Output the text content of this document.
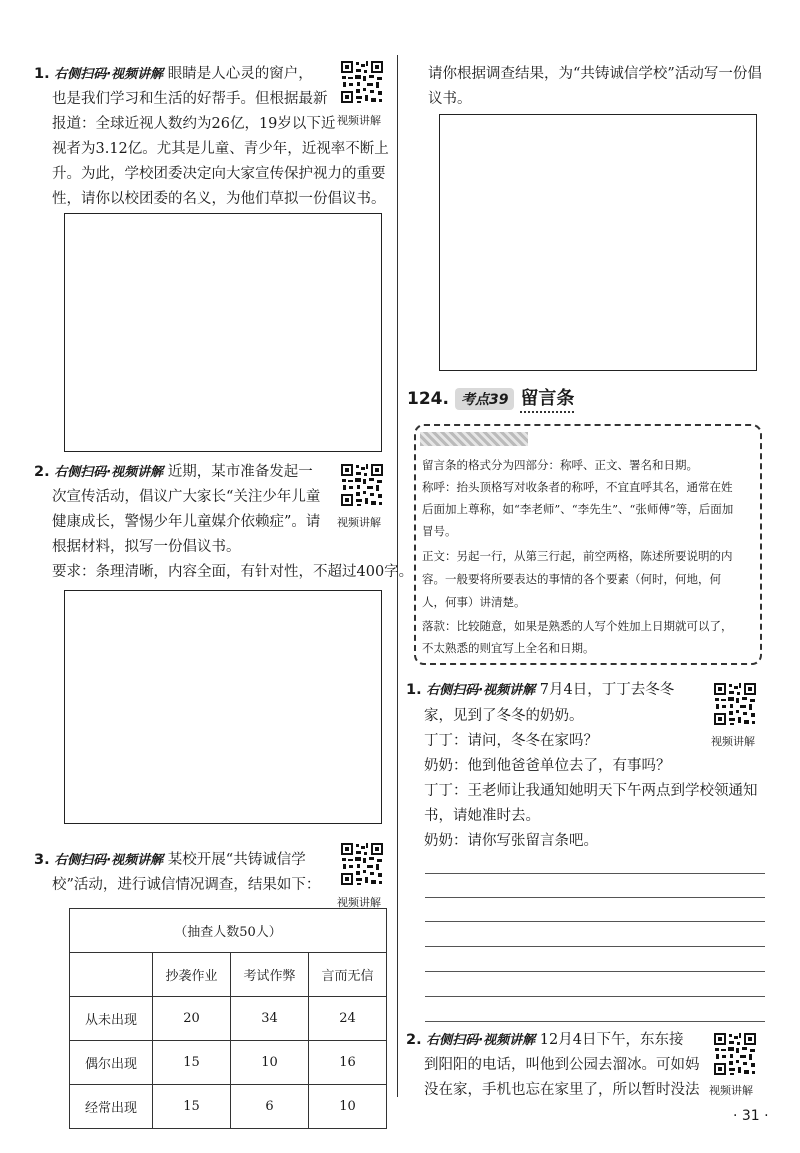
1. 右侧扫码·视频讲解 眼睛是人心灵的窗户，
也是我们学习和生活的好帮手。但根据最新
报道：全球近视人数约为26亿，19岁以下近
视者为3.12亿。尤其是儿童、青少年，近视率不断上
升。为此，学校团委决定向大家宣传保护视力的重要
性，请你以校团委的名义，为他们草拟一份倡议书。
视频讲解
2. 右侧扫码·视频讲解 近期，某市准备发起一
次宣传活动，倡议广大家长“关注少年儿童
健康成长，警惕少年儿童媒介依赖症”。请
根据材料，拟写一份倡议书。
要求：条理清晰，内容全面，有针对性，不超过400字。
视频讲解
3. 右侧扫码·视频讲解 某校开展“共铸诚信学
校”活动，进行诚信情况调查，结果如下：
视频讲解
（抽查人数50人）			
	抄袭作业	考试作弊	言而无信
从未出现	20	34	24
偶尔出现	15	10	16
经常出现	15	6	10
请你根据调查结果，为“共铸诚信学校”活动写一份倡
议书。
124. 考点39 留言条
留言条的格式分为四部分：称呼、正文、署名和日期。
称呼：抬头顶格写对收条者的称呼，不宜直呼其名，通常在姓
后面加上尊称，如“李老师”、“李先生”、“张师傅”等，后面加
冒号。
正文：另起一行，从第三行起，前空两格，陈述所要说明的内
容。一般要将所要表达的事情的各个要素（何时，何地，何
人，何事）讲清楚。
落款：比较随意，如果是熟悉的人写个姓加上日期就可以了，
不太熟悉的则宜写上全名和日期。
1. 右侧扫码·视频讲解 7月4日，丁丁去冬冬
家，见到了冬冬的奶奶。
丁丁：请问，冬冬在家吗？
奶奶：他到他爸爸单位去了，有事吗？
丁丁：王老师让我通知她明天下午两点到学校领通知
书，请她准时去。
奶奶：请你写张留言条吧。
视频讲解
2. 右侧扫码·视频讲解 12月4日下午，东东接
到阳阳的电话，叫他到公园去溜冰。可如妈
没在家，手机也忘在家里了，所以暂时没法 视频讲解
· 31 ·
